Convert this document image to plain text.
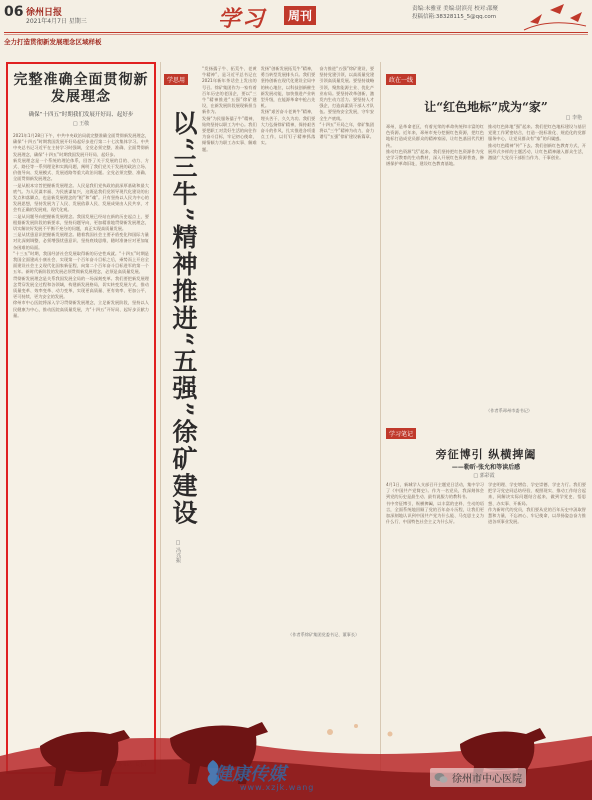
06 徐州日报
2021年4月7日 星期三	学习	周刊	责编:未雅亚 美编:尉滨亮 校对:邵聚
投稿信箱:38328115_5@qq.com
全力打造贯彻新发展理念区域样板
完整准确全面贯彻新发展理念
确保“十四五”时期我们发展开好局、起好步
□ 王敬
2021年1月28日下午，中共中央政治局就完整准确全面贯彻新发展理念，确保“十四五”时期我国发展开好局起好步进行第二十七次集体学习。中共中央总书记习近平在主持学习时强调，全党必须完整、准确、全面贯彻新发展理念，确保“十四五”时期我国发展开好局、起好步。
新发展理念是一个系统的理论体系，回答了关于发展的目的、动力、方式、路径等一系列理论和实践问题，阐明了我们党关于发展的政治立场、价值导向、发展模式、发展道路等重大政治问题。全党必须完整、准确、全面贯彻新发展理念。
一是从根本宗旨把握新发展理念。人民是我们党执政的最深厚基础和最大底气。为人民谋幸福、为民族谋复兴，这既是我们党领导现代化建设的出发点和落脚点，也是新发展理念的“根”和“魂”。只有坚持以人民为中心的发展思想，坚持发展为了人民、发展依靠人民、发展成果由人民共享，才会有正确的发展观、现代化观。
二是从问题导向把握新发展理念。我国发展已经站在新的历史起点上，要根据新发展阶段的新要求，坚持问题导向，更加精准地贯彻新发展理念，切实解决好发展不平衡不充分的问题，真正实现高质量发展。
三是从忧患意识把握新发展理念。随着我国社会主要矛盾变化和国际力量对比深刻调整，必须增强忧患意识、坚持底线思维，随时准备应对更加复杂困难的局面。
“十三五”时期，我国经济社会发展取得新的历史性成就。“十四五”时期是我国全面建成小康社会、实现第一个百年奋斗目标之后，乘势而上开启全面建设社会主义现代化国家新征程、向第二个百年奋斗目标进军的第一个五年。新时代新阶段的发展必须贯彻新发展理念，必须是高质量发展。
贯彻新发展理念是关系我国发展全局的一场深刻变革。我们要把新发展理念贯穿发展全过程和各领域，构建新发展格局，切实转变发展方式，推动质量变革、效率变革、动力变革，实现更高质量、更有效率、更加公平、更可持续、更为安全的发展。
徐州市中心医院将深入学习贯彻新发展理念，立足新发展阶段，坚持以人民健康为中心，推动医院高质量发展，为“十四五”开好局、起好步贡献力量。
学思用
以“三牛”精神推进“五强”徐矿建设
□ 冯兴振
“发扬孺子牛、拓荒牛、老黄牛精神”，是习近平总书记在2021年新年茶话会上发出的号召。徐矿集团作为一家有着百年历史的老国企，要以“三牛”精神推进“五强”徐矿建设，在新发展阶段展现新担当新作为。
发扬“为民服务孺子牛”精神，始终坚持以职工为中心。我们要把职工对美好生活的向往作为奋斗目标，牢记初心使命，倾情倾力为职工办实事、解难题。
发扬“创新发展拓荒牛”精神，勇当转型发展排头兵。我们要坚持创新在现代化建设全局中的核心地位，以科技创新催生新发展动能，加快推进产业转型升级，在能源革命中抢占先机。
发扬“艰苦奋斗老黄牛”精神，埋头苦干、久久为功。我们要大力弘扬徐矿精神，保持艰苦奋斗的作风，扎实推进各项重点工作，以钉钉子精神抓落实。
奋力推进“五强”徐矿建设，要坚持党建引领，以高质量党建引领高质量发展。要坚持战略引领，聚焦能源主业、优化产业布局。要坚持改革创新，激发内生动力活力。要坚持人才强企，打造高素质干部人才队伍。要坚持安全发展，守牢安全生产底线。
“十四五”开局之年，徐矿集团将以“三牛”精神为动力，奋力谱写“五强”徐矿建设新篇章。
（作者系徐矿集团党委书记、董事长）
政在一线
让“红色地标”成为“家”
□ 李艳
邳州，是革命老区，有着光荣的革命传统和丰富的红色资源。近年来，邳州市充分挖掘红色资源，把红色地标打造成党员群众的精神家园，让红色基因代代相传。
推动红色资源“活”起来。我们坚持把红色资源作为党史学习教育的生动教材，深入开展红色资源普查，修缮保护革命旧址，建设红色教育基地。
推动红色阵地“强”起来。我们把红色地标建设与基层党建工作紧密结合，打造一批标准化、规范化的党群服务中心，让党员群众有“家”的归属感。
推动红色精神“传”下去。我们创新红色教育方式，开展形式多样的主题活动，让红色精神融入群众生活，激励广大党员干部担当作为、干事创业。
（作者系邳州市委书记）
学习笔记
旁征博引 纵横捭阖
——勒昕·张允和等读后感
□ 郭彩霞
4月1日，新城学人支部召开主题党日活动，集中学习了《中国共产党简史》。作为一名党员，我深刻体会到党的历史是最生动、最有说服力的教科书。
书中旁征博引，纵横捭阖，以丰富的史料、生动的语言，全面系统地回顾了党的百年奋斗历程，让我们更加深刻地认识到中国共产党为什么能、马克思主义为什么行、中国特色社会主义为什么好。
学史明理、学史增信、学史崇德、学史力行。我们要把学习党史同总结经验、观照现实、推动工作结合起来，同解决实际问题结合起来，做到学党史、悟思想、办实事、开新局。
作为新时代的党员，我们要从党的百年历史中汲取智慧和力量，不忘初心、牢记使命，以昂扬姿态奋力推进各项事业发展。
健康传媒
www.xzjk.wang
徐州市中心医院
